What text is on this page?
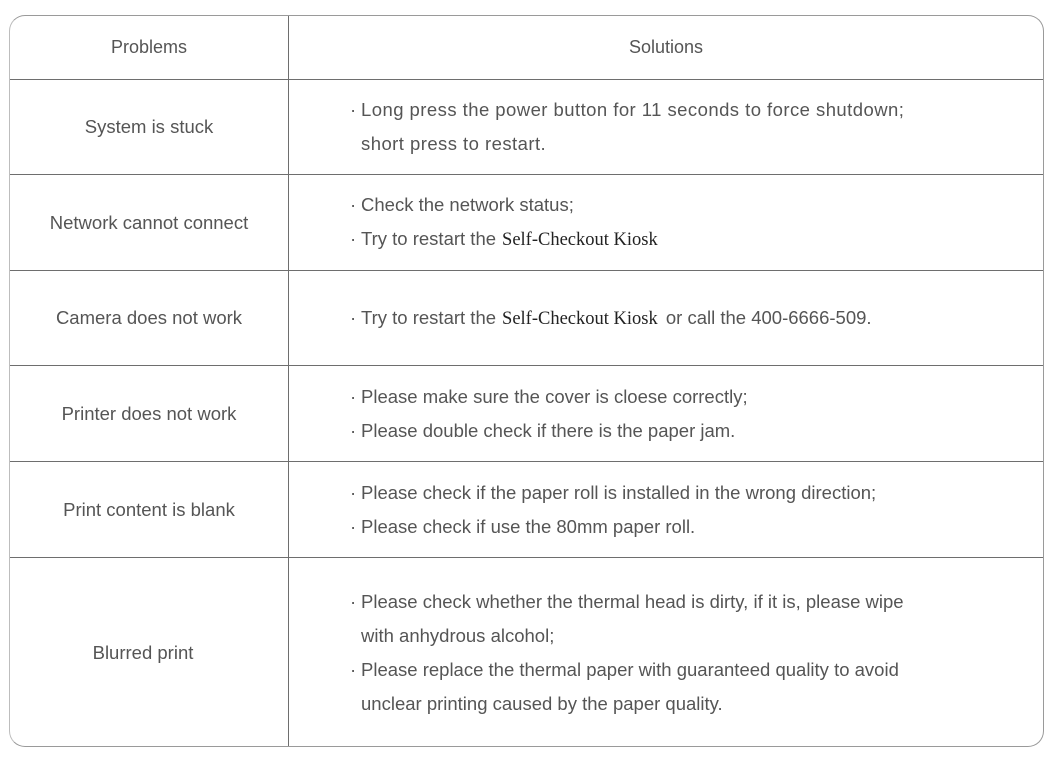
Problems	Solutions
System is stuck
· Long press the power button for 11 seconds to force shutdown;
short press to restart.
Network cannot connect
· Check the network status;
· Try to restart the Self-Checkout Kiosk
Camera does not work	· Try to restart the Self-Checkout Kiosk or call the 400-6666-509.
Printer does not work
· Please make sure the cover is cloese correctly;
· Please double check if there is the paper jam.
Print content is blank
· Please check if the paper roll is installed in the wrong direction;
· Please check if use the 80mm paper roll.
Blurred print
· Please check whether the thermal head is dirty, if it is, please wipe
with anhydrous alcohol;
· Please replace the thermal paper with guaranteed quality to avoid
unclear printing caused by the paper quality.
